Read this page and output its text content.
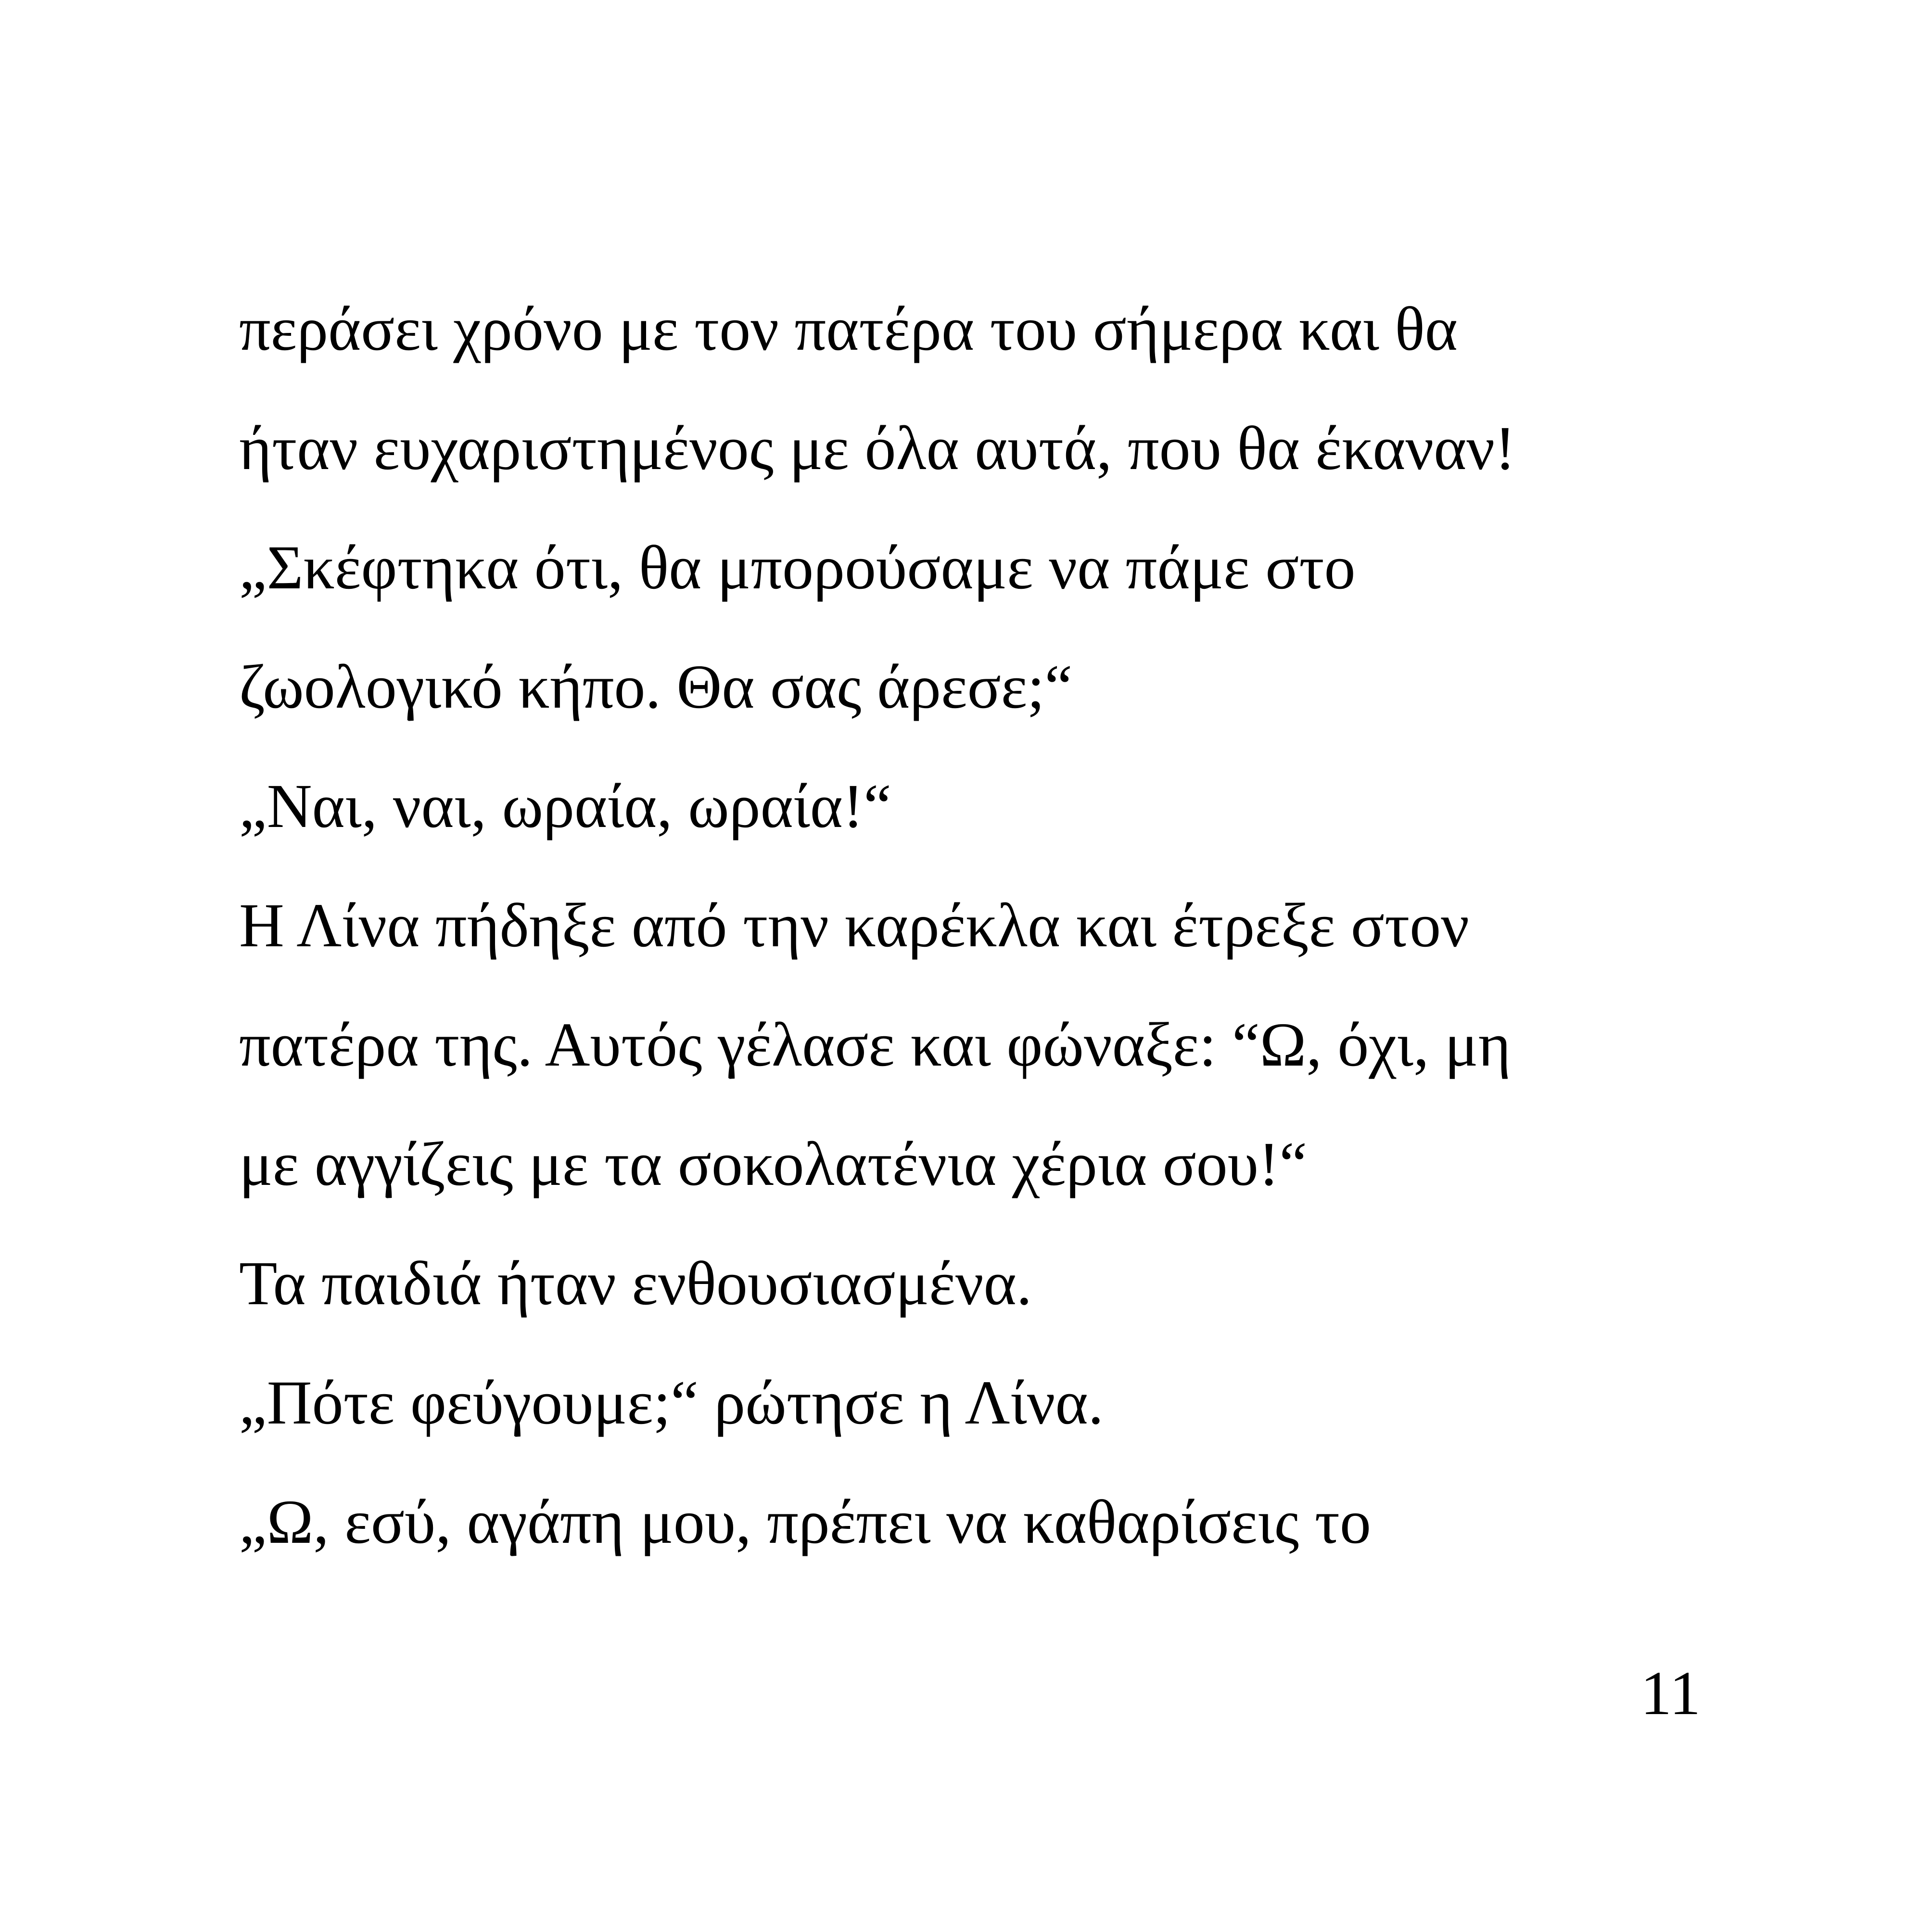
περάσει χρόνο με τον πατέρα του σήμερα και θα
ήταν ευχαριστημένος με όλα αυτά, που θα έκαναν!
„Σκέφτηκα ότι, θα μπορούσαμε να πάμε στο
ζωολογικό κήπο. Θα σας άρεσε;“
„Ναι, ναι, ωραία, ωραία!“
Η Λίνα πήδηξε από την καρέκλα και έτρεξε στον
πατέρα της. Αυτός γέλασε και φώναξε: “Ω, όχι, μη
με αγγίζεις με τα σοκολατένια χέρια σου!“
Τα παιδιά ήταν ενθουσιασμένα.
„Πότε φεύγουμε;“ ρώτησε η Λίνα.
„Ω, εσύ, αγάπη μου, πρέπει να καθαρίσεις το
11
